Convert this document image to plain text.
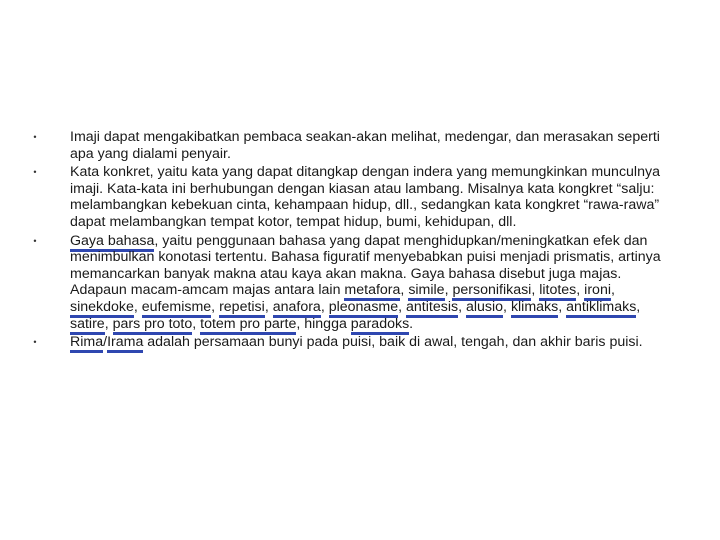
• Imaji dapat mengakibatkan pembaca seakan-akan melihat, medengar, dan merasakan seperti apa yang dialami penyair.
• Kata konkret, yaitu kata yang dapat ditangkap dengan indera yang memungkinkan munculnya imaji. Kata-kata ini berhubungan dengan kiasan atau lambang. Misalnya kata kongkret “salju: melambangkan kebekuan cinta, kehampaan hidup, dll., sedangkan kata kongkret “rawa-rawa” dapat melambangkan tempat kotor, tempat hidup, bumi, kehidupan, dll.
• Gaya bahasa, yaitu penggunaan bahasa yang dapat menghidupkan/meningkatkan efek dan menimbulkan konotasi tertentu. Bahasa figuratif menyebabkan puisi menjadi prismatis, artinya memancarkan banyak makna atau kaya akan makna. Gaya bahasa disebut juga majas. Adapaun macam-amcam majas antara lain metafora, simile, personifikasi, litotes, ironi, sinekdoke, eufemisme, repetisi, anafora, pleonasme, antitesis, alusio, klimaks, antiklimaks, satire, pars pro toto, totem pro parte, hingga paradoks.
• Rima/Irama adalah persamaan bunyi pada puisi, baik di awal, tengah, dan akhir baris puisi.
